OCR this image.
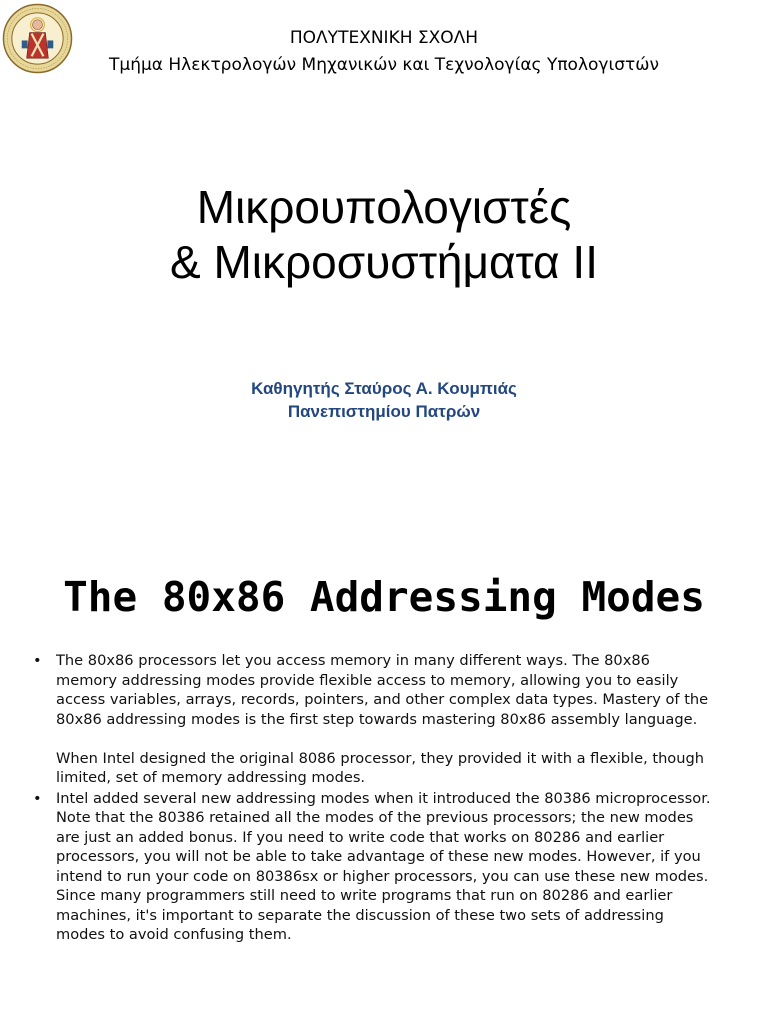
ΠΟΛΥΤΕΧΝΙΚΗ ΣΧΟΛΗ
Τμήμα Ηλεκτρολογών Μηχανικών και Τεχνολογίας Υπολογιστών
Μικρουπολογιστές
& Μικροσυστήματα ΙΙ
Καθηγητής Σταύρος Α. Κουμπιάς
Πανεπιστημίου Πατρών
The 80x86 Addressing Modes
• The 80x86 processors let you access memory in many different ways. The 80x86 memory addressing modes provide flexible access to memory, allowing you to easily access variables, arrays, records, pointers, and other complex data types. Mastery of the 80x86 addressing modes is the first step towards mastering 80x86 assembly language.

When Intel designed the original 8086 processor, they provided it with a flexible, though limited, set of memory addressing modes.

• Intel added several new addressing modes when it introduced the 80386 microprocessor. Note that the 80386 retained all the modes of the previous processors; the new modes are just an added bonus. If you need to write code that works on 80286 and earlier processors, you will not be able to take advantage of these new modes. However, if you intend to run your code on 80386sx or higher processors, you can use these new modes. Since many programmers still need to write programs that run on 80286 and earlier machines, it's important to separate the discussion of these two sets of addressing modes to avoid confusing them.
